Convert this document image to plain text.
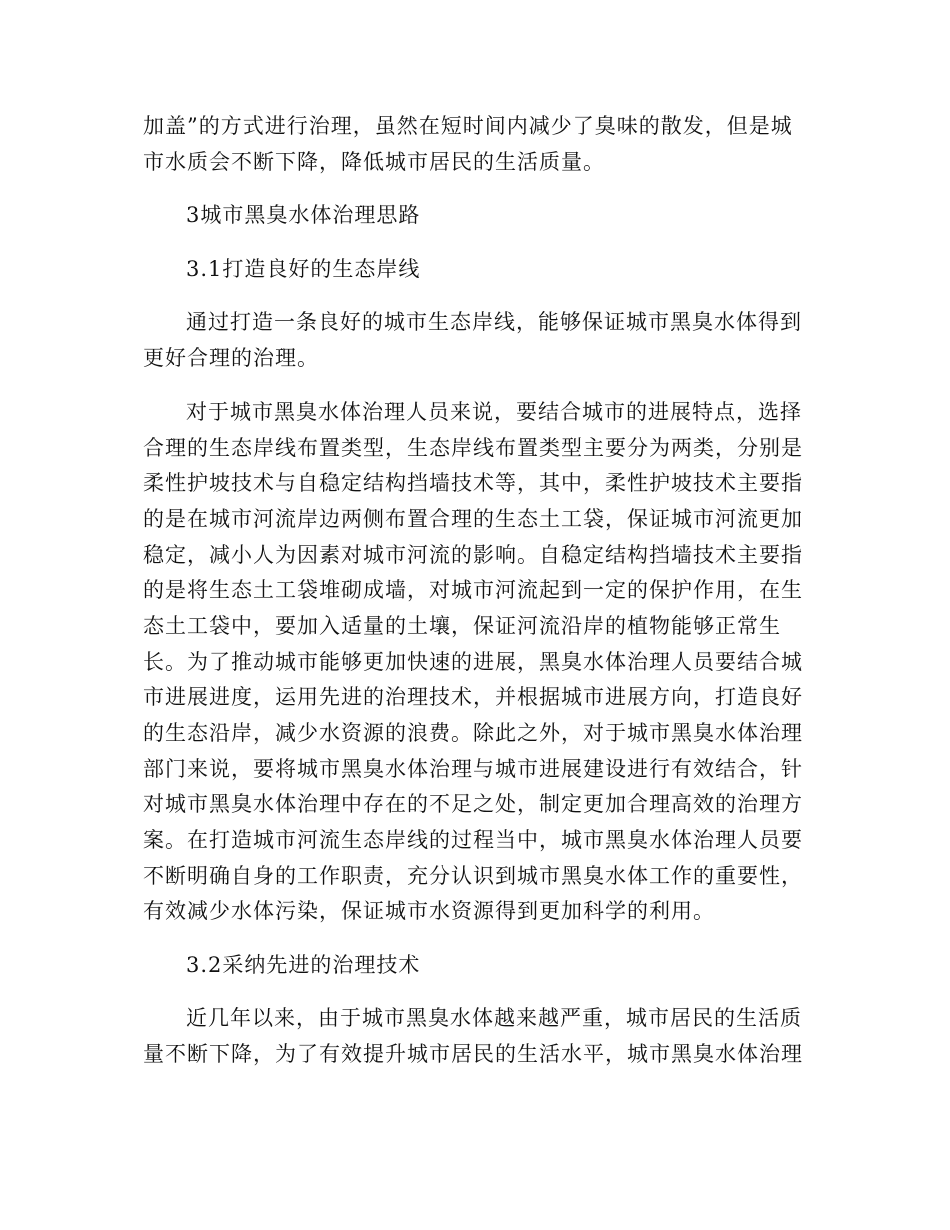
加盖”的方式进行治理，虽然在短时间内减少了臭味的散发，但是城
市水质会不断下降，降低城市居民的生活质量。
3城市黑臭水体治理思路
3.1打造良好的生态岸线
通过打造一条良好的城市生态岸线，能够保证城市黑臭水体得到
更好合理的治理。
对于城市黑臭水体治理人员来说，要结合城市的进展特点，选择
合理的生态岸线布置类型，生态岸线布置类型主要分为两类，分别是
柔性护坡技术与自稳定结构挡墙技术等，其中，柔性护坡技术主要指
的是在城市河流岸边两侧布置合理的生态土工袋，保证城市河流更加
稳定，减小人为因素对城市河流的影响。自稳定结构挡墙技术主要指
的是将生态土工袋堆砌成墙，对城市河流起到一定的保护作用，在生
态土工袋中，要加入适量的土壤，保证河流沿岸的植物能够正常生
长。为了推动城市能够更加快速的进展，黑臭水体治理人员要结合城
市进展进度，运用先进的治理技术，并根据城市进展方向，打造良好
的生态沿岸，减少水资源的浪费。除此之外，对于城市黑臭水体治理
部门来说，要将城市黑臭水体治理与城市进展建设进行有效结合，针
对城市黑臭水体治理中存在的不足之处，制定更加合理高效的治理方
案。在打造城市河流生态岸线的过程当中，城市黑臭水体治理人员要
不断明确自身的工作职责，充分认识到城市黑臭水体工作的重要性，
有效减少水体污染，保证城市水资源得到更加科学的利用。
3.2采纳先进的治理技术
近几年以来，由于城市黑臭水体越来越严重，城市居民的生活质
量不断下降，为了有效提升城市居民的生活水平，城市黑臭水体治理
